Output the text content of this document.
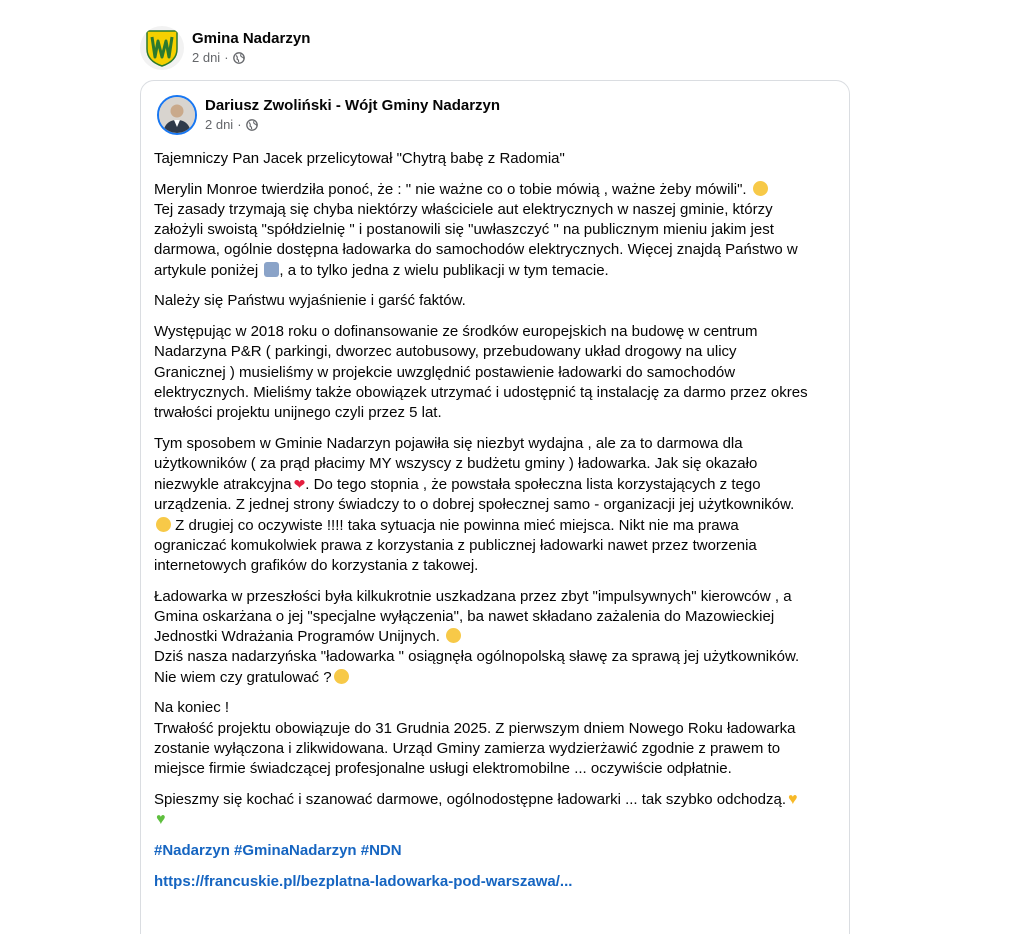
Gmina Nadarzyn
2 dni ·
Dariusz Zwoliński - Wójt Gminy Nadarzyn
2 dni ·

Tajemniczy Pan Jacek przelicytował "Chytrą babę z Radomia"

Merylin Monroe twierdziła ponoć, że : " nie ważne co o tobie mówią , ważne żeby mówili".
Tej zasady trzymają się chyba niektórzy właściciele aut elektrycznych w naszej gminie, którzy
założyli swoistą "spółdzielnię " i postanowili się "uwłaszczyć " na publicznym mieniu jakim jest
darmowa, ogólnie dostępna ładowarka do samochodów elektrycznych. Więcej znajdą Państwo w
artykule poniżej , a to tylko jedna z wielu publikacji w tym temacie.

Należy się Państwu wyjaśnienie i garść faktów.

Występując w 2018 roku o dofinansowanie ze środków europejskich na budowę w centrum
Nadarzyna P&R ( parkingi, dworzec autobusowy, przebudowany układ drogowy na ulicy
Granicznej ) musieliśmy w projekcie uwzględnić postawienie ładowarki do samochodów
elektrycznych. Mieliśmy także obowiązek utrzymać i udostępnić tą instalację za darmo przez okres
trwałości projektu unijnego czyli przez 5 lat.

Tym sposobem w Gminie Nadarzyn pojawiła się niezbyt wydajna , ale za to darmowa dla
użytkowników ( za prąd płacimy MY wszyscy z budżetu gminy ) ładowarka. Jak się okazało
niezwykle atrakcyjna ❤. Do tego stopnia , że powstała społeczna lista korzystających z tego
urządzenia. Z jednej strony świadczy to o dobrej społecznej samo - organizacji jej użytkowników.
Z drugiej co oczywiste !!!! taka sytuacja nie powinna mieć miejsca. Nikt nie ma prawa
ograniczać komukolwiek prawa z korzystania z publicznej ładowarki nawet przez tworzenia
internetowych grafików do korzystania z takowej.

Ładowarka w przeszłości była kilkukrotnie uszkadzana przez zbyt "impulsywnych" kierowców , a
Gmina oskarżana o jej "specjalne wyłączenia", ba nawet składano zażalenia do Mazowieckiej
Jednostki Wdrażania Programów Unijnych.
Dziś nasza nadarzyńska "ładowarka " osiągnęła ogólnopolską sławę za sprawą jej użytkowników.
Nie wiem czy gratulować ?

Na koniec !
Trwałość projektu obowiązuje do 31 Grudnia 2025. Z pierwszym dniem Nowego Roku ładowarka
zostanie wyłączona i zlikwidowana. Urząd Gminy zamierza wydzierżawić zgodnie z prawem to
miejsce firmie świadczącej profesjonalne usługi elektromobilne ... oczywiście odpłatnie.

Spieszmy się kochać i szanować darmowe, ogólnodostępne ładowarki ... tak szybko odchodzą. ♥
♥

#Nadarzyn #GminaNadarzyn #NDN

https://francuskie.pl/bezplatna-ladowarka-pod-warszawa/...
